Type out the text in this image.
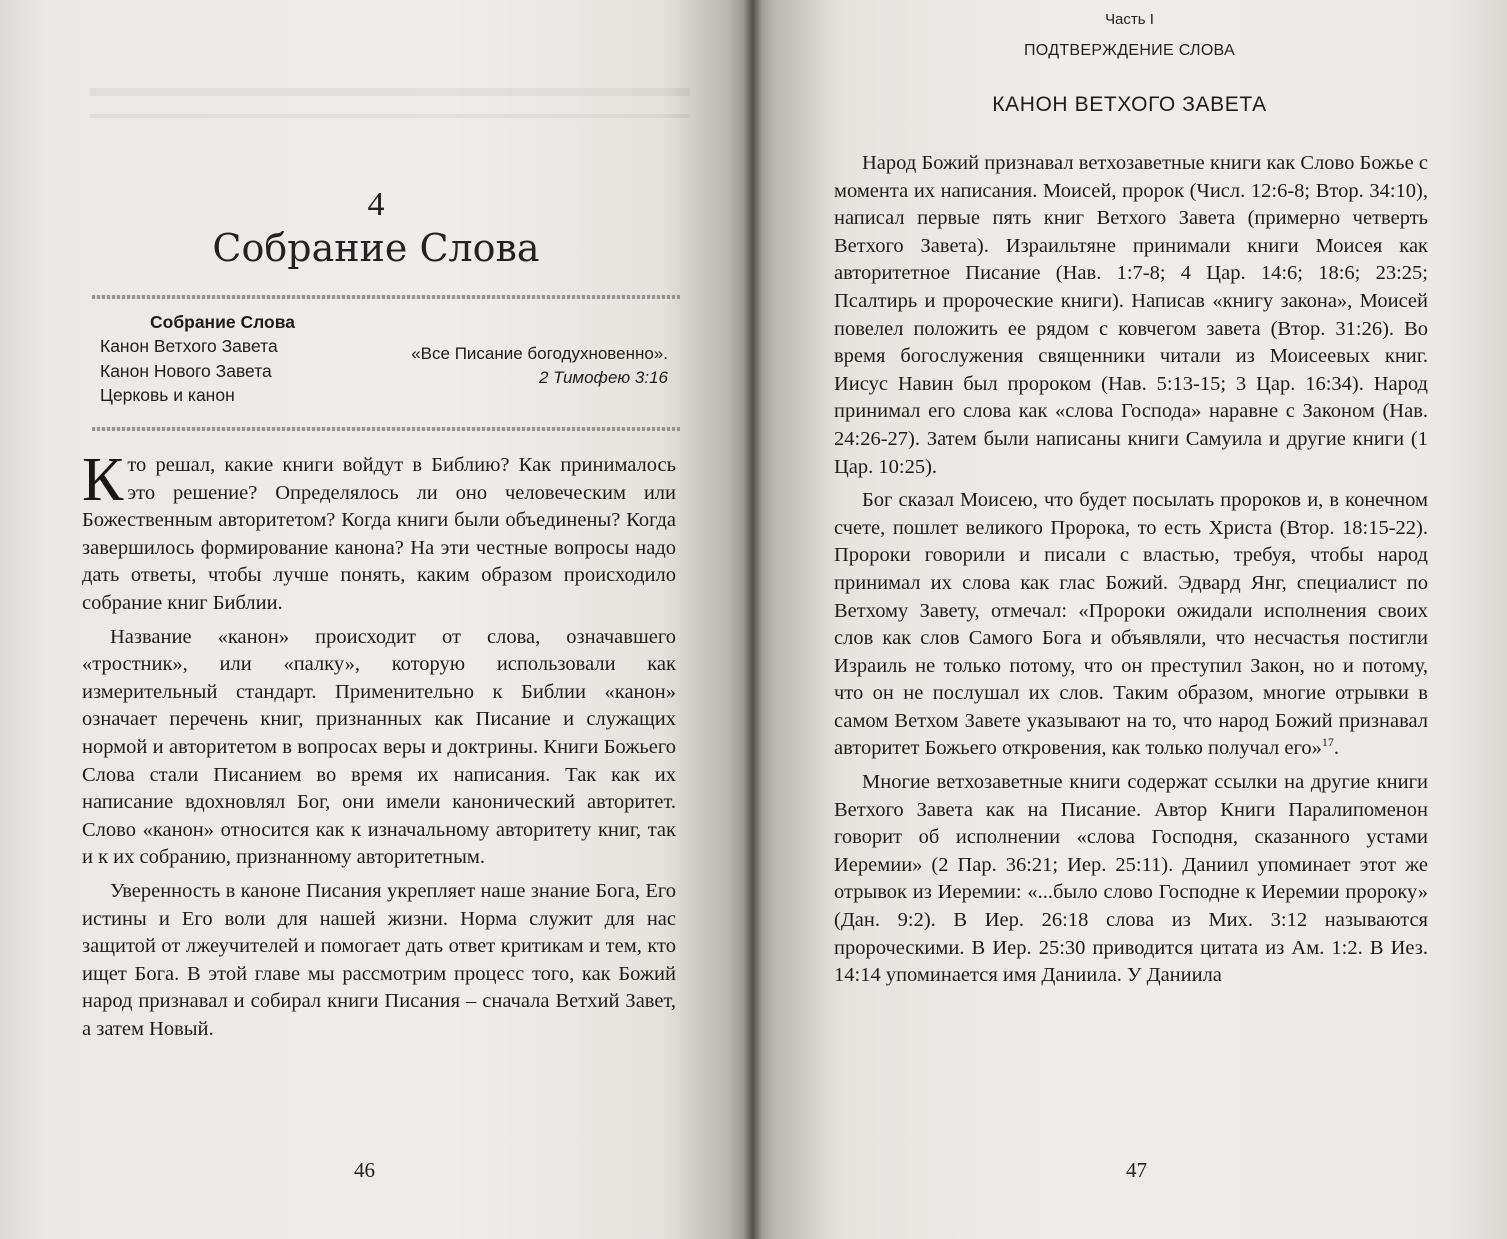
4
Собрание Слова
Собрание Слова
Канон Ветхого Завета
Канон Нового Завета
Церковь и канон
«Все Писание богодухновенно».
2 Тимофею 3:16

Кто решал, какие книги войдут в Библию? Как принималось это решение? Определялось ли оно человеческим или Божественным авторитетом? Когда книги были объединены? Когда завершилось формирование канона? На эти честные вопросы надо дать ответы, чтобы лучше понять, каким образом происходило собрание книг Библии.

Название «канон» происходит от слова, означавшего «тростник», или «палку», которую использовали как измерительный стандарт. Применительно к Библии «канон» означает перечень книг, признанных как Писание и служащих нормой и авторитетом в вопросах веры и доктрины. Книги Божьего Слова стали Писанием во время их написания. Так как их написание вдохновлял Бог, они имели канонический авторитет. Слово «канон» относится как к изначальному авторитету книг, так и к их собранию, признанному авторитетным.

Уверенность в каноне Писания укрепляет наше знание Бога, Его истины и Его воли для нашей жизни. Норма служит для нас защитой от лжеучителей и помогает дать ответ критикам и тем, кто ищет Бога. В этой главе мы рассмотрим процесс того, как Божий народ признавал и собирал книги Писания – сначала Ветхий Завет, а затем Новый.

46
Часть I
ПОДТВЕРЖДЕНИЕ СЛОВА
КАНОН ВЕТХОГО ЗАВЕТА

Народ Божий признавал ветхозаветные книги как Слово Божье с момента их написания. Моисей, пророк (Числ. 12:6-8; Втор. 34:10), написал первые пять книг Ветхого Завета (примерно четверть Ветхого Завета). Израильтяне принимали книги Моисея как авторитетное Писание (Нав. 1:7-8; 4 Цар. 14:6; 18:6; 23:25; Псалтирь и пророческие книги). Написав «книгу закона», Моисей повелел положить ее рядом с ковчегом завета (Втор. 31:26). Во время богослужения священники читали из Моисеевых книг. Иисус Навин был пророком (Нав. 5:13-15; 3 Цар. 16:34). Народ принимал его слова как «слова Господа» наравне с Законом (Нав. 24:26-27). Затем были написаны книги Самуила и другие книги (1 Цар. 10:25).

Бог сказал Моисею, что будет посылать пророков и, в конечном счете, пошлет великого Пророка, то есть Христа (Втор. 18:15-22). Пророки говорили и писали с властью, требуя, чтобы народ принимал их слова как глас Божий. Эдвард Янг, специалист по Ветхому Завету, отмечал: «Пророки ожидали исполнения своих слов как слов Самого Бога и объявляли, что несчастья постигли Израиль не только потому, что он преступил Закон, но и потому, что он не послушал их слов. Таким образом, многие отрывки в самом Ветхом Завете указывают на то, что народ Божий признавал авторитет Божьего откровения, как только получал его»$^{17}$.

Многие ветхозаветные книги содержат ссылки на другие книги Ветхого Завета как на Писание. Автор Книги Паралипоменон говорит об исполнении «слова Господня, сказанного устами Иеремии» (2 Пар. 36:21; Иер. 25:11). Даниил упоминает этот же отрывок из Иеремии: «...было слово Господне к Иеремии пророку» (Дан. 9:2). В Иер. 26:18 слова из Мих. 3:12 называются пророческими. В Иер. 25:30 приводится цитата из Ам. 1:2. В Иез. 14:14 упоминается имя Даниила. У Даниила

47
